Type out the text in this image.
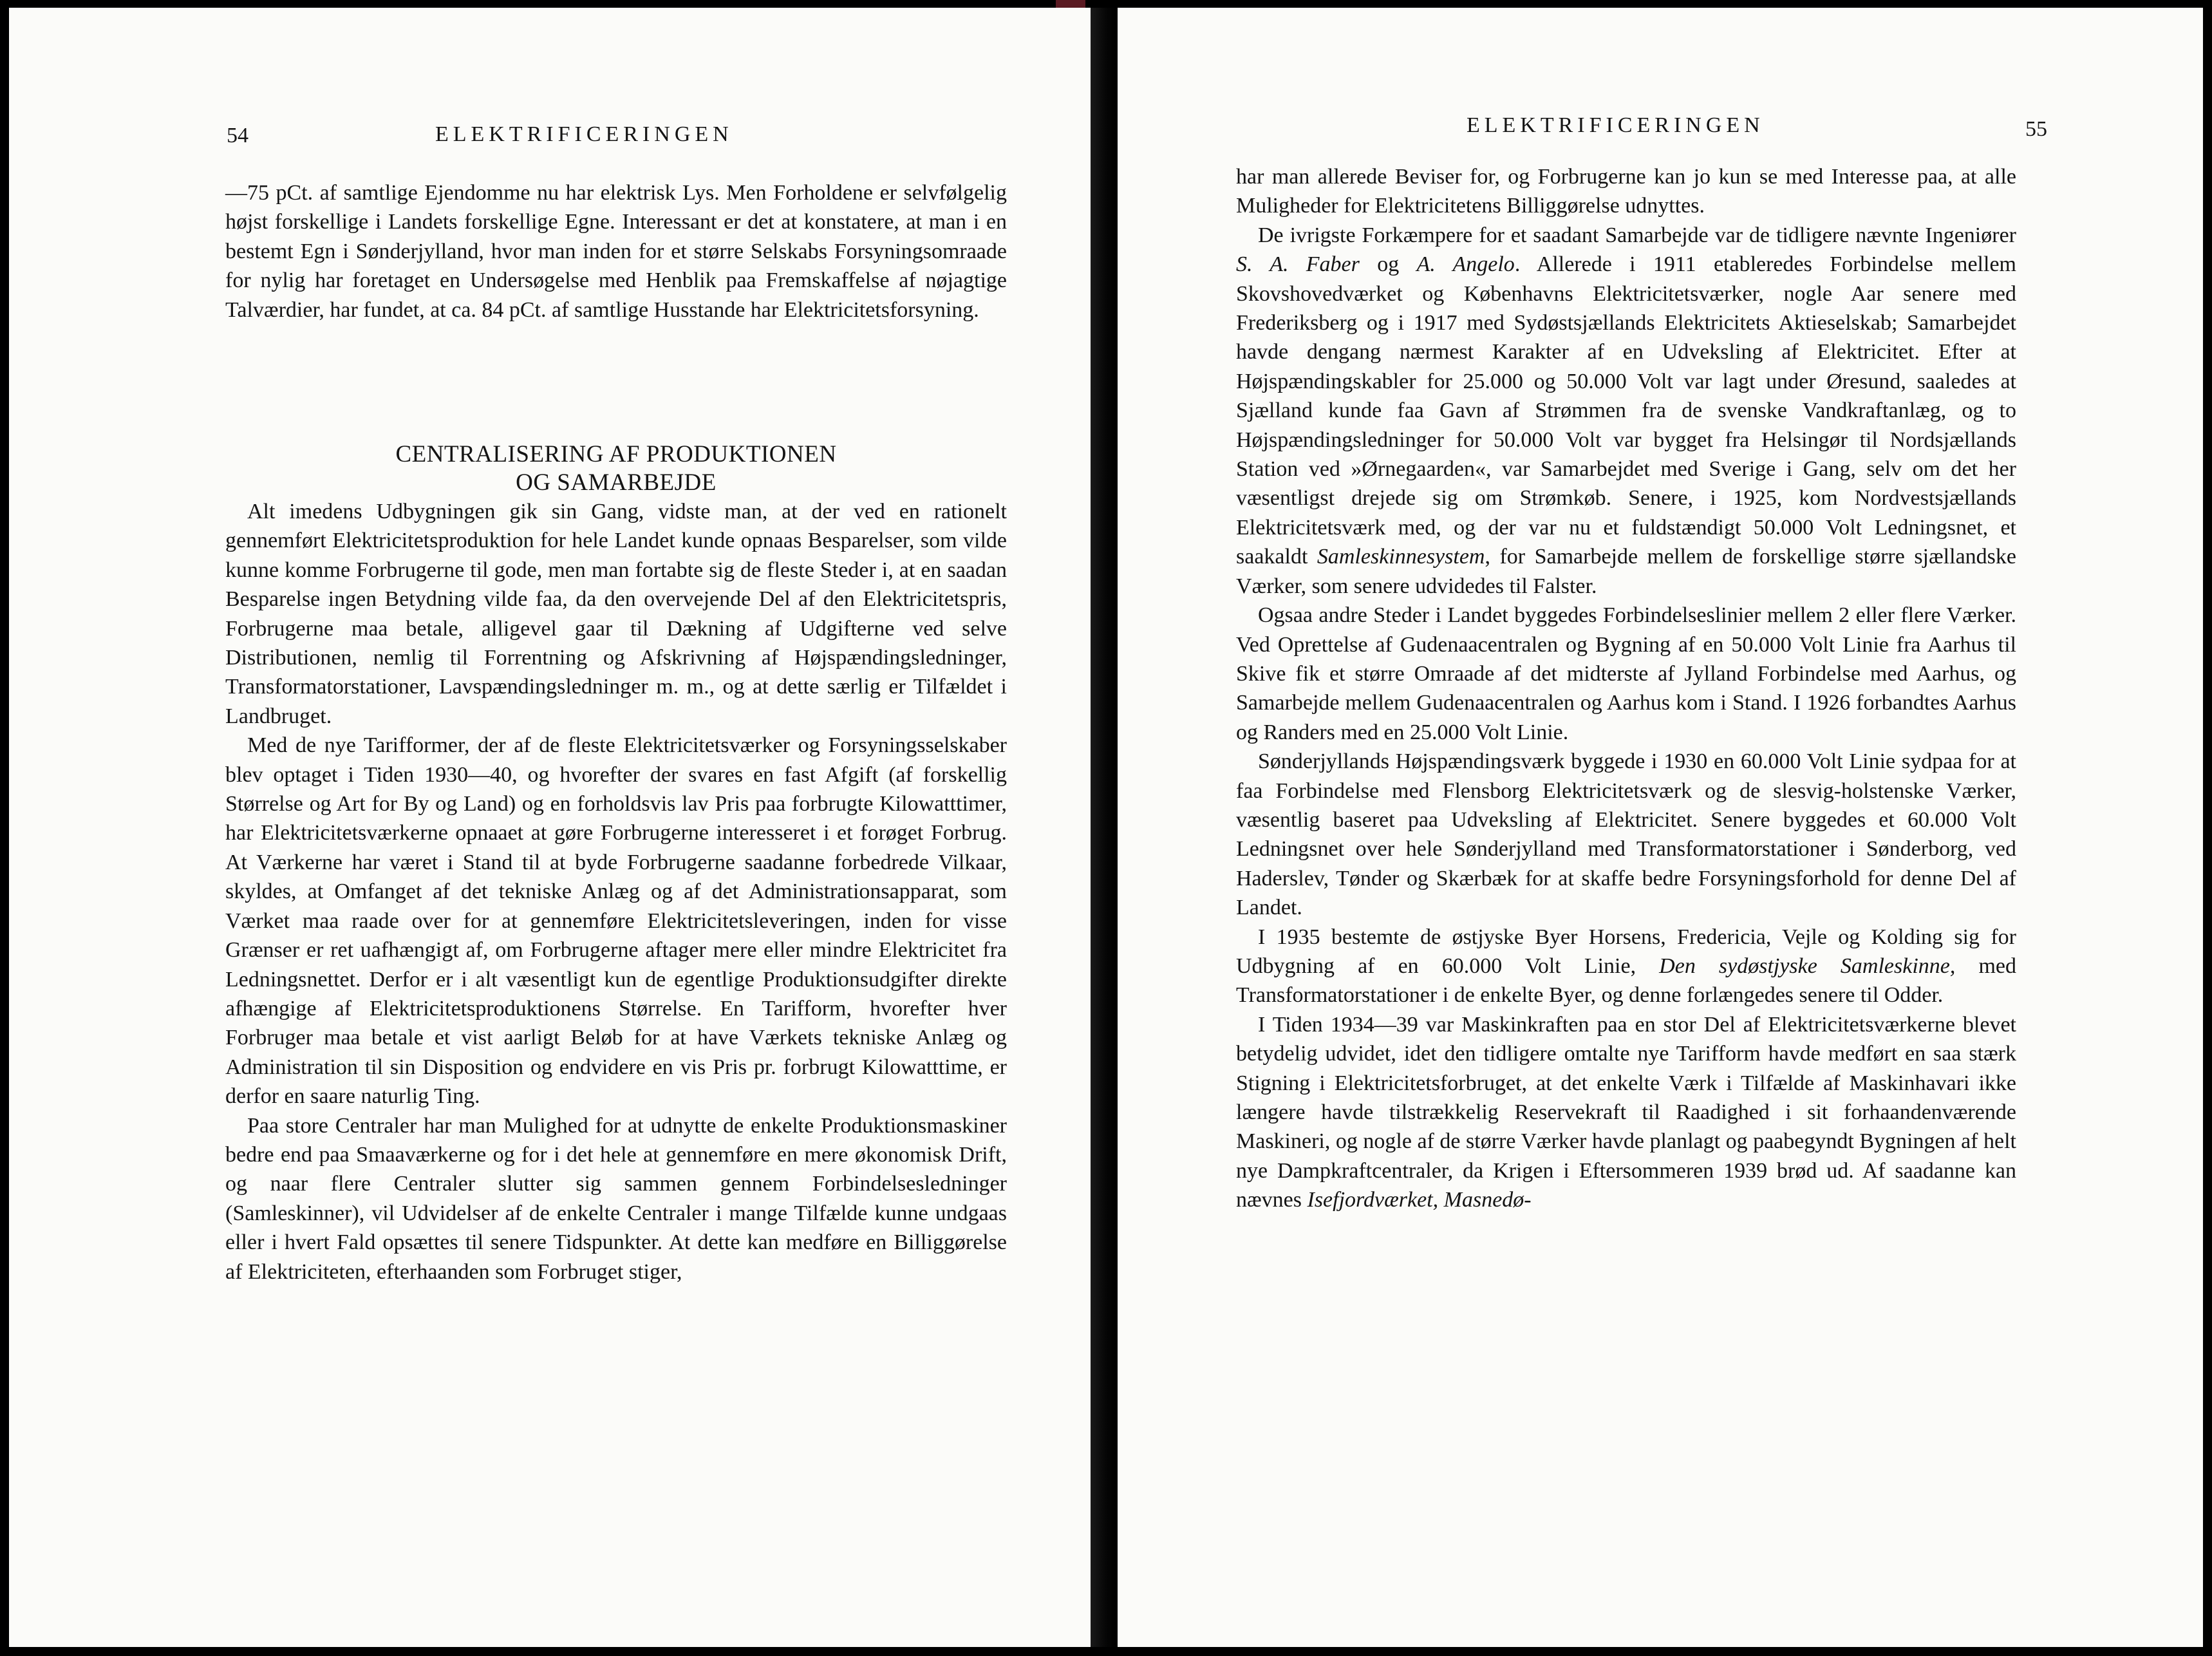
54	ELEKTRIFICERINGEN

—75 pCt. af samtlige Ejendomme nu har elektrisk Lys. Men Forholdene er selvfølgelig højst forskellige i Landets forskellige Egne. Interessant er det at konstatere, at man i en bestemt Egn i Sønderjylland, hvor man inden for et større Selskabs Forsyningsomraade for nylig har foretaget en Undersøgelse med Henblik paa Fremskaffelse af nøjagtige Talværdier, har fundet, at ca. 84 pCt. af samtlige Husstande har Elektricitetsforsyning.

CENTRALISERING AF PRODUKTIONEN

OG SAMARBEJDE

Alt imedens Udbygningen gik sin Gang, vidste man, at der ved en rationelt gennemført Elektricitetsproduktion for hele Landet kunde opnaas Besparelser, som vilde kunne komme Forbrugerne til gode, men man fortabte sig de fleste Steder i, at en saadan Besparelse ingen Betydning vilde faa, da den overvejende Del af den Elektricitetspris, Forbrugerne maa betale, alligevel gaar til Dækning af Udgifterne ved selve Distributionen, nemlig til Forrentning og Afskrivning af Højspændingsledninger, Transformatorstationer, Lavspændingsledninger m. m., og at dette særlig er Tilfældet i Landbruget.

Med de nye Tarifformer, der af de fleste Elektricitetsværker og Forsyningsselskaber blev optaget i Tiden 1930—40, og hvorefter der svares en fast Afgift (af forskellig Størrelse og Art for By og Land) og en forholdsvis lav Pris paa forbrugte Kilowatttimer, har Elektricitetsværkerne opnaaet at gøre Forbrugerne interesseret i et forøget Forbrug. At Værkerne har været i Stand til at byde Forbrugerne saadanne forbedrede Vilkaar, skyldes, at Omfanget af det tekniske Anlæg og af det Administrationsapparat, som Værket maa raade over for at gennemføre Elektricitetsleveringen, inden for visse Grænser er ret uafhængigt af, om Forbrugerne aftager mere eller mindre Elektricitet fra Ledningsnettet. Derfor er i alt væsentligt kun de egentlige Produktionsudgifter direkte afhængige af Elektricitetsproduktionens Størrelse. En Tarifform, hvorefter hver Forbruger maa betale et vist aarligt Beløb for at have Værkets tekniske Anlæg og Administration til sin Disposition og endvidere en vis Pris pr. forbrugt Kilowatttime, er derfor en saare naturlig Ting.

Paa store Centraler har man Mulighed for at udnytte de enkelte Produktionsmaskiner bedre end paa Smaaværkerne og for i det hele at gennemføre en mere økonomisk Drift, og naar flere Centraler slutter sig sammen gennem Forbindelsesledninger (Samleskinner), vil Udvidelser af de enkelte Centraler i mange Tilfælde kunne undgaas eller i hvert Fald opsættes til senere Tidspunkter. At dette kan medføre en Billiggørelse af Elektriciteten, efterhaanden som Forbruget stiger,

ELEKTRIFICERINGEN	55

har man allerede Beviser for, og Forbrugerne kan jo kun se med Interesse paa, at alle Muligheder for Elektricitetens Billiggørelse udnyttes.

De ivrigste Forkæmpere for et saadant Samarbejde var de tidligere nævnte Ingeniører S. A. Faber og A. Angelo. Allerede i 1911 etableredes Forbindelse mellem Skovshovedværket og Københavns Elektricitetsværker, nogle Aar senere med Frederiksberg og i 1917 med Sydøstsjællands Elektricitets Aktieselskab; Samarbejdet havde dengang nærmest Karakter af en Udveksling af Elektricitet. Efter at Højspændingskabler for 25.000 og 50.000 Volt var lagt under Øresund, saaledes at Sjælland kunde faa Gavn af Strømmen fra de svenske Vandkraftanlæg, og to Højspændingsledninger for 50.000 Volt var bygget fra Helsingør til Nordsjællands Station ved »Ørnegaarden«, var Samarbejdet med Sverige i Gang, selv om det her væsentligst drejede sig om Strømkøb. Senere, i 1925, kom Nordvestsjællands Elektricitetsværk med, og der var nu et fuldstændigt 50.000 Volt Ledningsnet, et saakaldt Samleskinnesystem, for Samarbejde mellem de forskellige større sjællandske Værker, som senere udvidedes til Falster.

Ogsaa andre Steder i Landet byggedes Forbindelseslinier mellem 2 eller flere Værker. Ved Oprettelse af Gudenaacentralen og Bygning af en 50.000 Volt Linie fra Aarhus til Skive fik et større Omraade af det midterste af Jylland Forbindelse med Aarhus, og Samarbejde mellem Gudenaacentralen og Aarhus kom i Stand. I 1926 forbandtes Aarhus og Randers med en 25.000 Volt Linie.

Sønderjyllands Højspændingsværk byggede i 1930 en 60.000 Volt Linie sydpaa for at faa Forbindelse med Flensborg Elektricitetsværk og de slesvig-holstenske Værker, væsentlig baseret paa Udveksling af Elektricitet. Senere byggedes et 60.000 Volt Ledningsnet over hele Sønderjylland med Transformatorstationer i Sønderborg, ved Haderslev, Tønder og Skærbæk for at skaffe bedre Forsyningsforhold for denne Del af Landet.

I 1935 bestemte de østjyske Byer Horsens, Fredericia, Vejle og Kolding sig for Udbygning af en 60.000 Volt Linie, Den sydøstjyske Samleskinne, med Transformatorstationer i de enkelte Byer, og denne forlængedes senere til Odder.

I Tiden 1934—39 var Maskinkraften paa en stor Del af Elektricitetsværkerne blevet betydelig udvidet, idet den tidligere omtalte nye Tarifform havde medført en saa stærk Stigning i Elektricitetsforbruget, at det enkelte Værk i Tilfælde af Maskinhavari ikke længere havde tilstrækkelig Reservekraft til Raadighed i sit forhaandenværende Maskineri, og nogle af de større Værker havde planlagt og paabegyndt Bygningen af helt nye Dampkraftcentraler, da Krigen i Eftersommeren 1939 brød ud. Af saadanne kan nævnes Isefjordværket, Masnedø-
